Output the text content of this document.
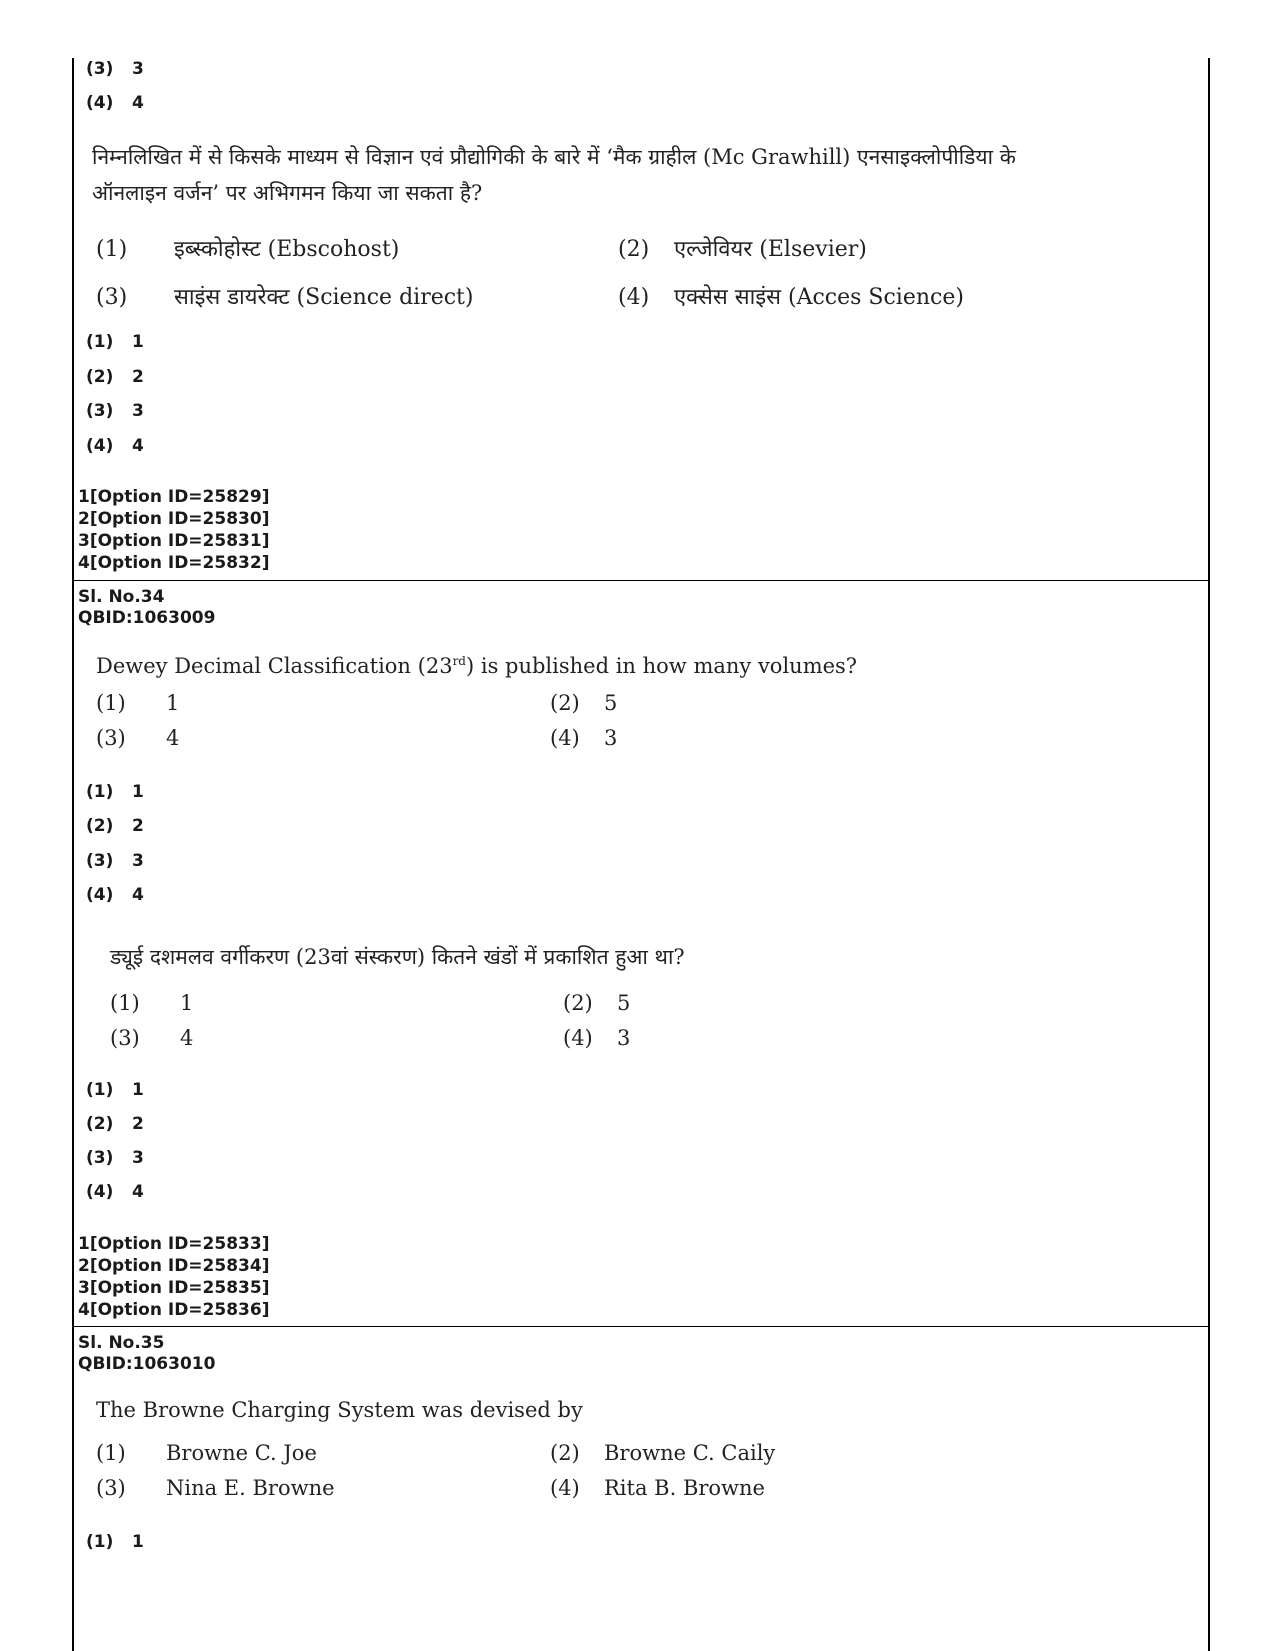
(3) 3
(4) 4
निम्नलिखित में से किसके माध्यम से विज्ञान एवं प्रौद्योगिकी के बारे में ‘मैक ग्राहील (Mc Grawhill) एनसाइक्लोपीडिया के
ऑनलाइन वर्जन’ पर अभिगमन किया जा सकता है?
(1) इब्स्कोहोस्ट (Ebscohost)	(2) एल्जेवियर (Elsevier)
(3) साइंस डायरेक्ट (Science direct)	(4) एक्सेस साइंस (Acces Science)
(1) 1
(2) 2
(3) 3
(4) 4
1[Option ID=25829]
2[Option ID=25830]
3[Option ID=25831]
4[Option ID=25832]
Sl. No.34
QBID:1063009
Dewey Decimal Classification (23rd) is published in how many volumes?
(1) 1	(2) 5
(3) 4	(4) 3
(1) 1
(2) 2
(3) 3
(4) 4
ड्यूई दशमलव वर्गीकरण (23वां संस्करण) कितने खंडों में प्रकाशित हुआ था?
(1) 1	(2) 5
(3) 4	(4) 3
(1) 1
(2) 2
(3) 3
(4) 4
1[Option ID=25833]
2[Option ID=25834]
3[Option ID=25835]
4[Option ID=25836]
Sl. No.35
QBID:1063010
The Browne Charging System was devised by
(1) Browne C. Joe	(2) Browne C. Caily
(3) Nina E. Browne	(4) Rita B. Browne
(1) 1
